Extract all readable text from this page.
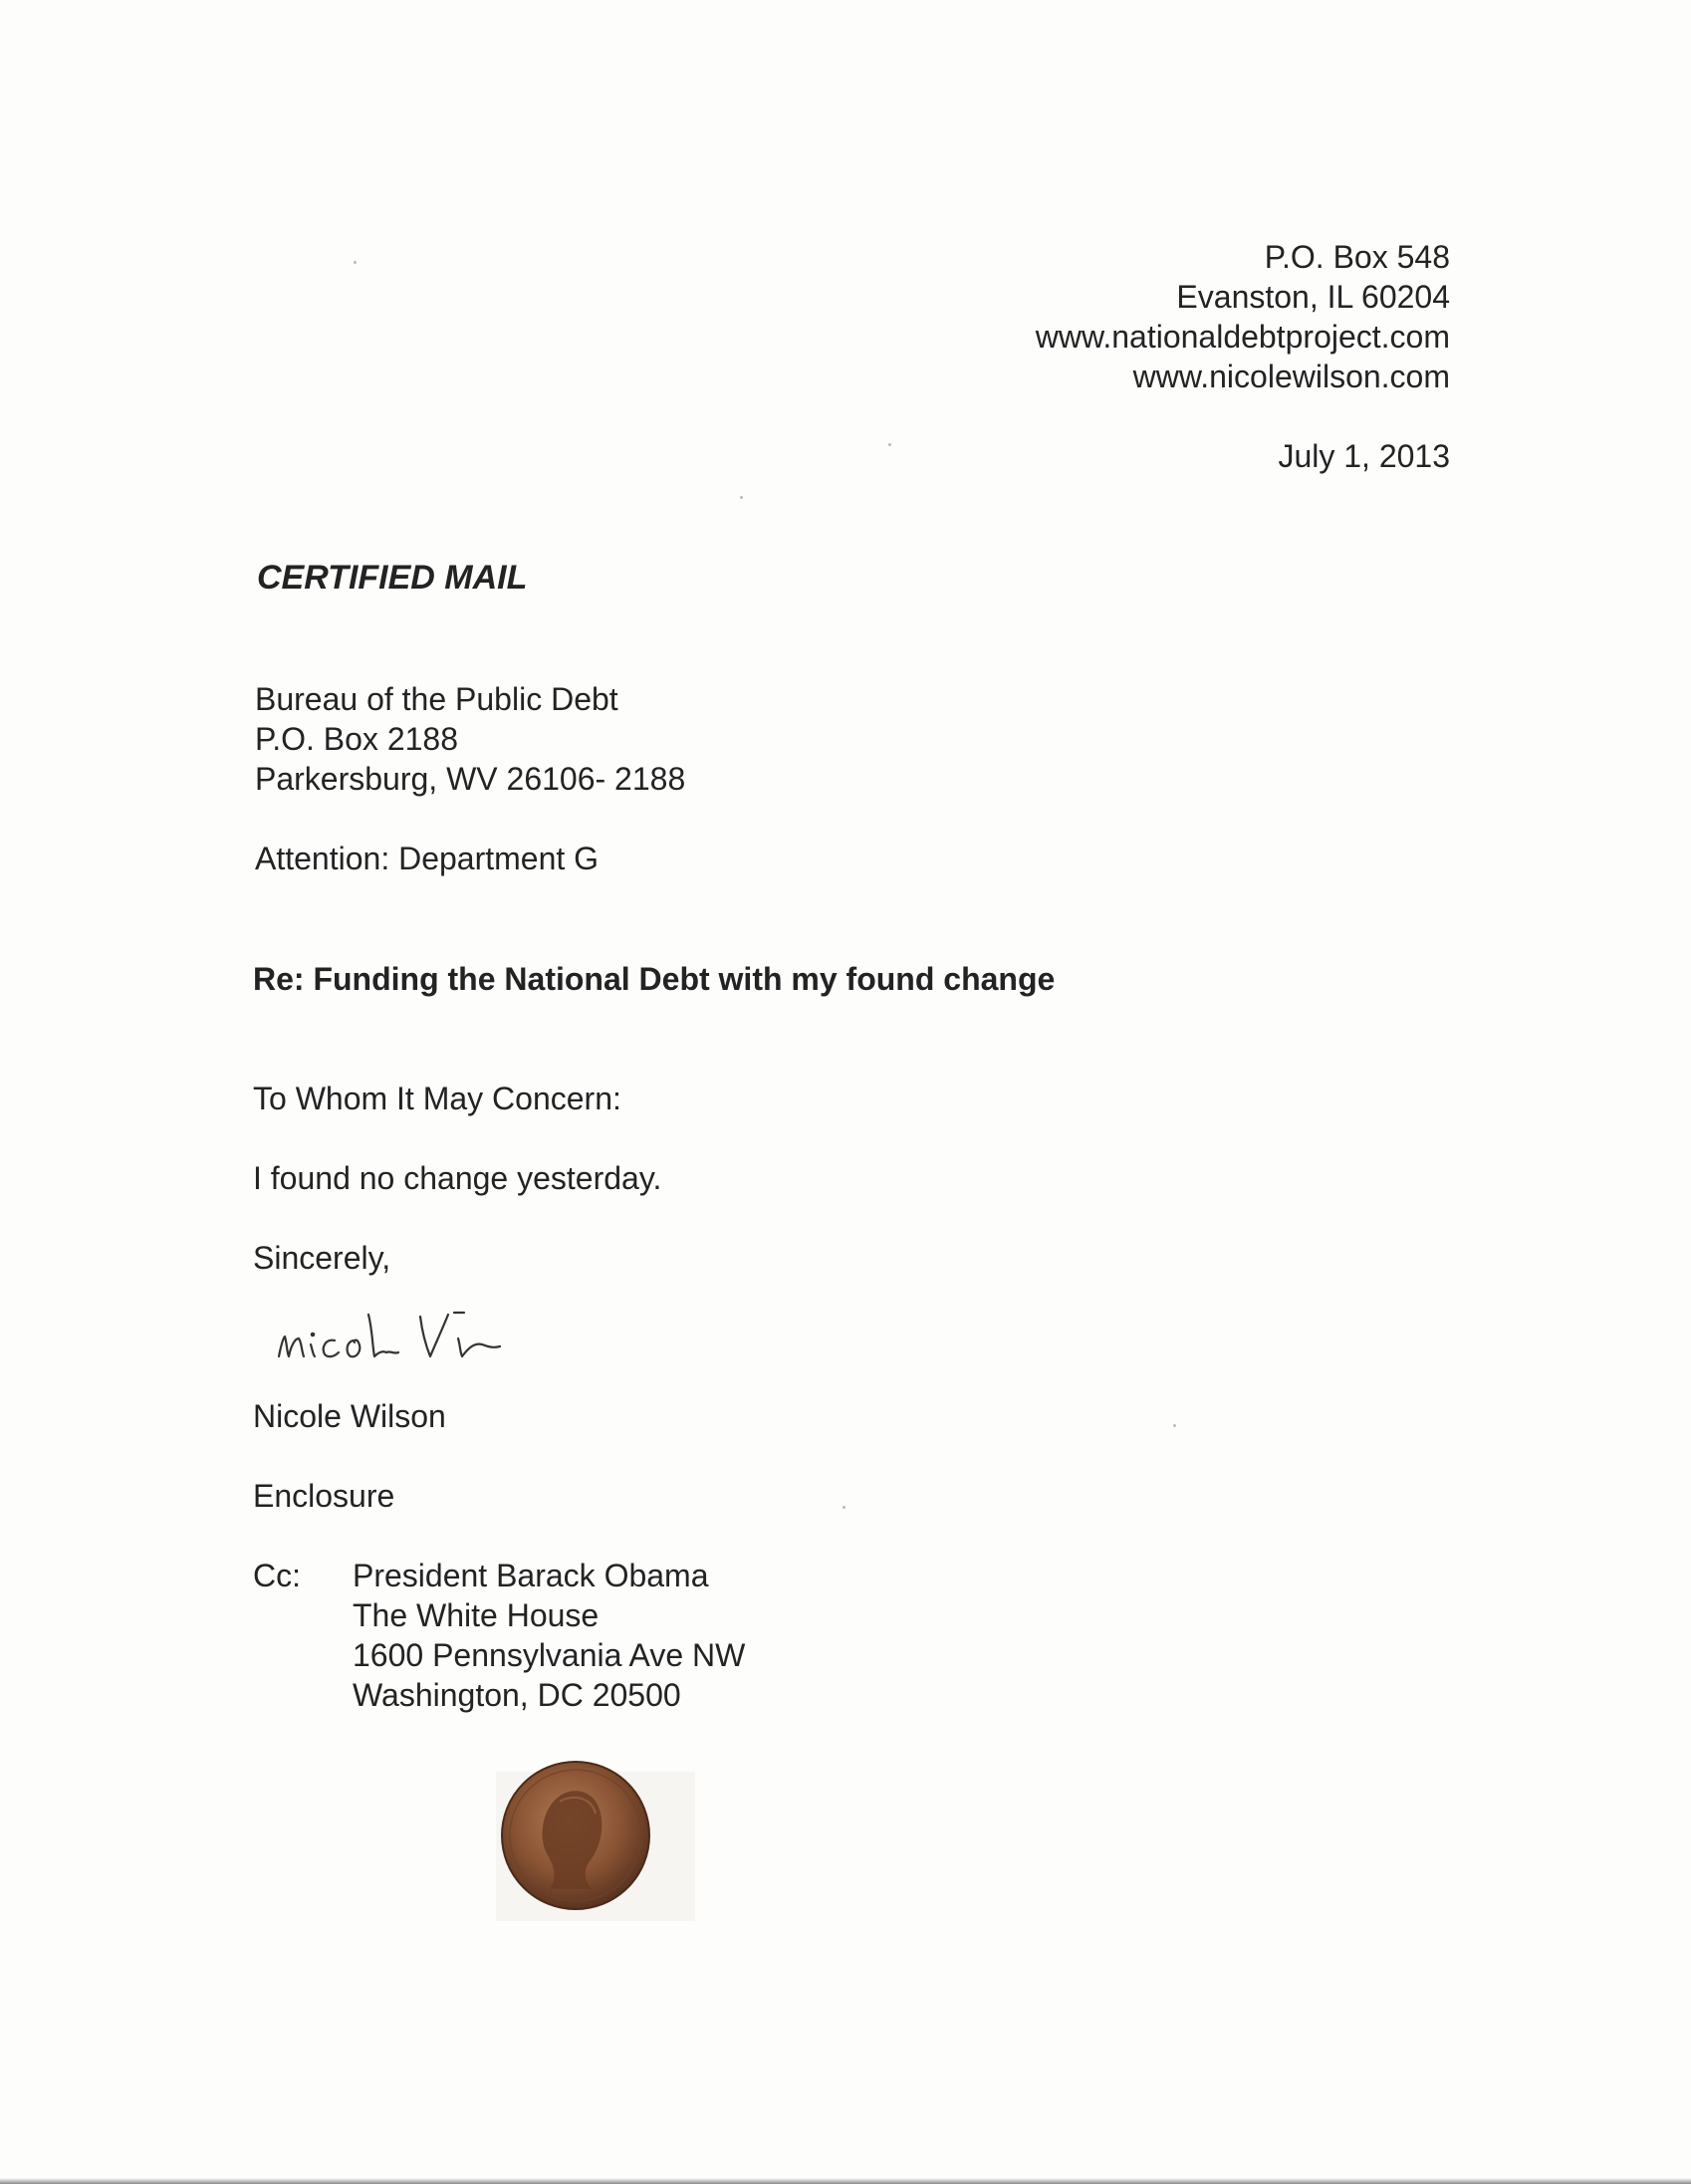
P.O. Box 548
Evanston, IL 60204
www.nationaldebtproject.com
www.nicolewilson.com
July 1, 2013
CERTIFIED MAIL
Bureau of the Public Debt
P.O. Box 2188
Parkersburg, WV 26106- 2188
Attention: Department G
Re: Funding the National Debt with my found change
To Whom It May Concern:
I found no change yesterday.
Sincerely,
Nicole Wilson
Enclosure
Cc: President Barack Obama
The White House
1600 Pennsylvania Ave NW
Washington, DC 20500
